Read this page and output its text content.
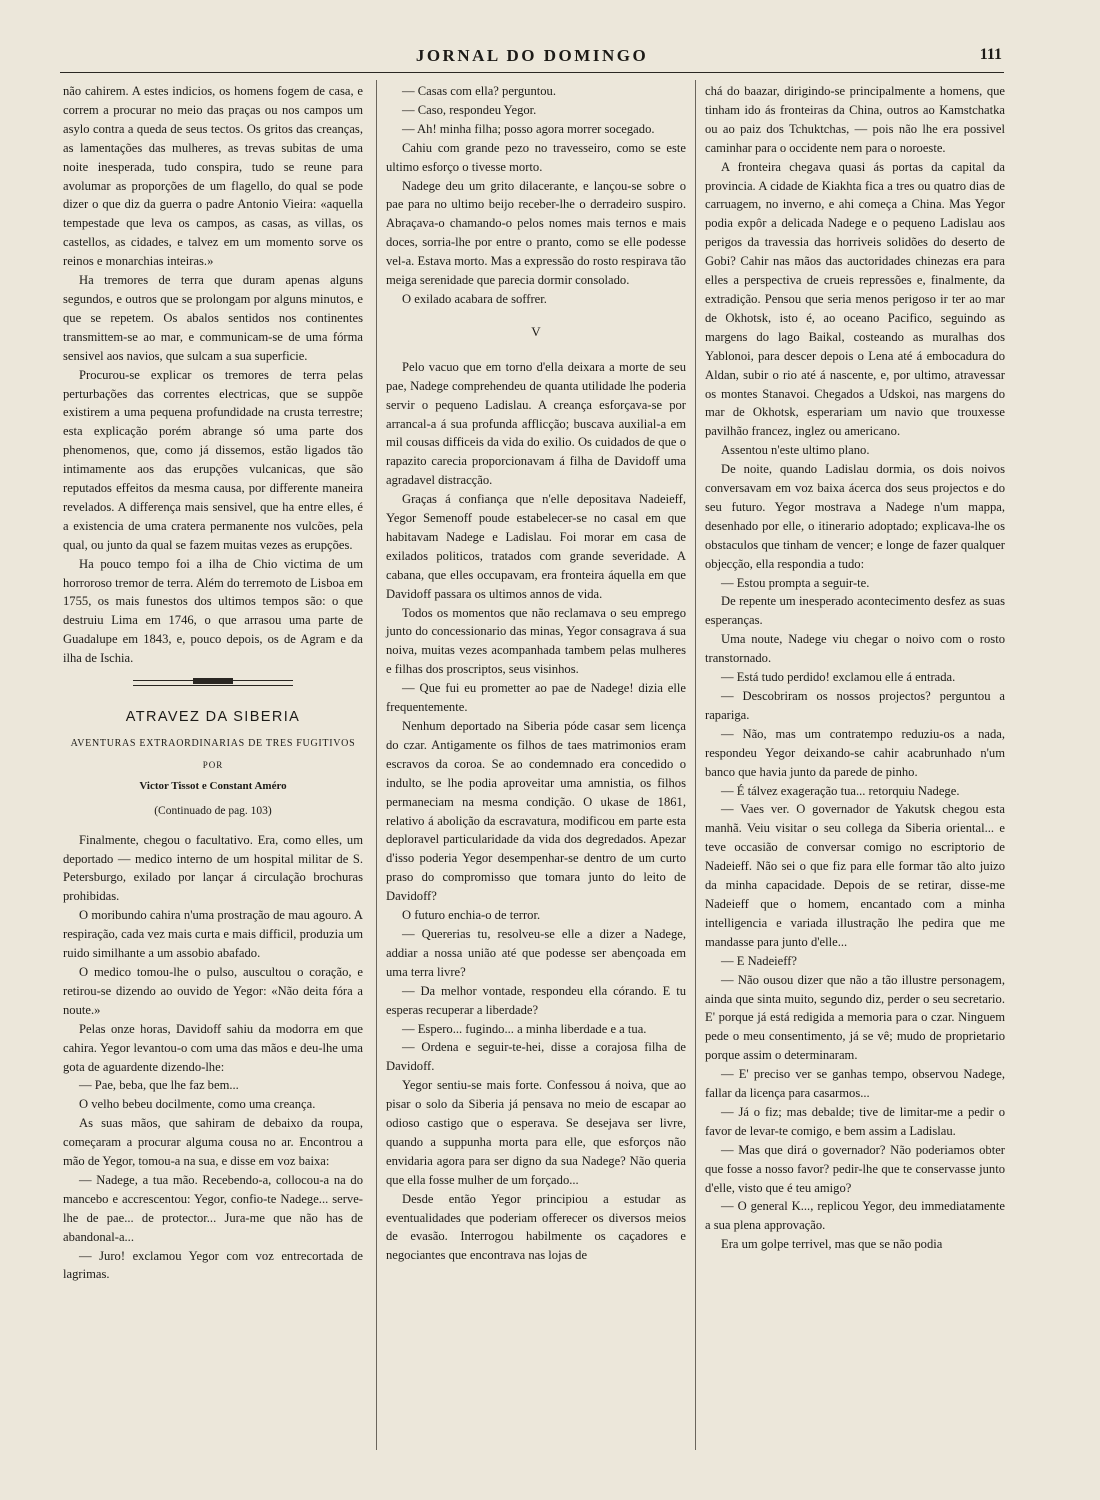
JORNAL DO DOMINGO	111

não cahirem. A estes indicios, os homens fogem de casa, e correm a procurar no meio das praças ou nos campos um asylo contra a queda de seus tectos. Os gritos das creanças, as lamentações das mulheres, as trevas subitas de uma noite inesperada, tudo conspira, tudo se reune para avolumar as proporções de um flagello, do qual se pode dizer o que diz da guerra o padre Antonio Vieira: «aquella tempestade que leva os campos, as casas, as villas, os castellos, as cidades, e talvez em um momento sorve os reinos e monarchias inteiras.»

Ha tremores de terra que duram apenas alguns segundos, e outros que se prolongam por alguns minutos, e que se repetem. Os abalos sentidos nos continentes transmittem-se ao mar, e communicam-se de uma fórma sensivel aos navios, que sulcam a sua superficie.

Procurou-se explicar os tremores de terra pelas perturbações das correntes electricas, que se suppõe existirem a uma pequena profundidade na crusta terrestre; esta explicação porém abrange só uma parte dos phenomenos, que, como já dissemos, estão ligados tão intimamente aos das erupções vulcanicas, que são reputados effeitos da mesma causa, por differente maneira revelados. A differença mais sensivel, que ha entre elles, é a existencia de uma cratera permanente nos vulcões, pela qual, ou junto da qual se fazem muitas vezes as erupções.

Ha pouco tempo foi a ilha de Chio victima de um horroroso tremor de terra. Além do terremoto de Lisboa em 1755, os mais funestos dos ultimos tempos são: o que destruiu Lima em 1746, o que arrasou uma parte de Guadalupe em 1843, e, pouco depois, os de Agram e da ilha de Ischia.

ATRAVEZ DA SIBERIA
AVENTURAS EXTRAORDINARIAS DE TRES FUGITIVOS
POR
Victor Tissot e Constant Améro
(Continuado de pag. 103)

Finalmente, chegou o facultativo. Era, como elles, um deportado — medico interno de um hospital militar de S. Petersburgo, exilado por lançar á circulação brochuras prohibidas.

O moribundo cahira n'uma prostração de mau agouro. A respiração, cada vez mais curta e mais difficil, produzia um ruido similhante a um assobio abafado.

O medico tomou-lhe o pulso, auscultou o coração, e retirou-se dizendo ao ouvido de Yegor: «Não deita fóra a noute.»

Pelas onze horas, Davidoff sahiu da modorra em que cahira. Yegor levantou-o com uma das mãos e deu-lhe uma gota de aguardente dizendo-lhe:

— Pae, beba, que lhe faz bem...

O velho bebeu docilmente, como uma creança.

As suas mãos, que sahiram de debaixo da roupa, começaram a procurar alguma cousa no ar. Encontrou a mão de Yegor, tomou-a na sua, e disse em voz baixa:

— Nadege, a tua mão. Recebendo-a, collocou-a na do mancebo e accrescentou: Yegor, confio-te Nadege... serve-lhe de pae... de protector... Jura-me que não has de abandonal-a...

— Juro! exclamou Yegor com voz entrecortada de lagrimas.

— Casas com ella? perguntou.

— Caso, respondeu Yegor.

— Ah! minha filha; posso agora morrer socegado.

Cahiu com grande pezo no travesseiro, como se este ultimo esforço o tivesse morto.

Nadege deu um grito dilacerante, e lançou-se sobre o pae para no ultimo beijo receber-lhe o derradeiro suspiro. Abraçava-o chamando-o pelos nomes mais ternos e mais doces, sorria-lhe por entre o pranto, como se elle podesse vel-a. Estava morto. Mas a expressão do rosto respirava tão meiga serenidade que parecia dormir consolado.

O exilado acabara de soffrer.

V

Pelo vacuo que em torno d'ella deixara a morte de seu pae, Nadege comprehendeu de quanta utilidade lhe poderia servir o pequeno Ladislau. A creança esforçava-se por arrancal-a á sua profunda afflicção; buscava auxilial-a em mil cousas difficeis da vida do exilio. Os cuidados de que o rapazito carecia proporcionavam á filha de Davidoff uma agradavel distracção.

Graças á confiança que n'elle depositava Nadeieff, Yegor Semenoff poude estabelecer-se no casal em que habitavam Nadege e Ladislau. Foi morar em casa de exilados politicos, tratados com grande severidade. A cabana, que elles occupavam, era fronteira áquella em que Davidoff passara os ultimos annos de vida.

Todos os momentos que não reclamava o seu emprego junto do concessionario das minas, Yegor consagrava á sua noiva, muitas vezes acompanhada tambem pelas mulheres e filhas dos proscriptos, seus visinhos.

— Que fui eu prometter ao pae de Nadege! dizia elle frequentemente.

Nenhum deportado na Siberia póde casar sem licença do czar. Antigamente os filhos de taes matrimonios eram escravos da coroa. Se ao condemnado era concedido o indulto, se lhe podia aproveitar uma amnistia, os filhos permaneciam na mesma condição. O ukase de 1861, relativo á abolição da escravatura, modificou em parte esta deploravel particularidade da vida dos degredados. Apezar d'isso poderia Yegor desempenhar-se dentro de um curto praso do compromisso que tomara junto do leito de Davidoff?

O futuro enchia-o de terror.

— Quererias tu, resolveu-se elle a dizer a Nadege, addiar a nossa união até que podesse ser abençoada em uma terra livre?

— Da melhor vontade, respondeu ella córando. E tu esperas recuperar a liberdade?

— Espero... fugindo... a minha liberdade e a tua.

— Ordena e seguir-te-hei, disse a corajosa filha de Davidoff.

Yegor sentiu-se mais forte. Confessou á noiva, que ao pisar o solo da Siberia já pensava no meio de escapar ao odioso castigo que o esperava. Se desejava ser livre, quando a suppunha morta para elle, que esforços não envidaria agora para ser digno da sua Nadege? Não queria que ella fosse mulher de um forçado...

Desde então Yegor principiou a estudar as eventualidades que poderiam offerecer os diversos meios de evasão. Interrogou habilmente os caçadores e negociantes que encontrava nas lojas de

chá do baazar, dirigindo-se principalmente a homens, que tinham ido ás fronteiras da China, outros ao Kamstchatka ou ao paiz dos Tchuktchas, — pois não lhe era possivel caminhar para o occidente nem para o noroeste.

A fronteira chegava quasi ás portas da capital da provincia. A cidade de Kiakhta fica a tres ou quatro dias de carruagem, no inverno, e ahi começa a China. Mas Yegor podia expôr a delicada Nadege e o pequeno Ladislau aos perigos da travessia das horriveis solidões do deserto de Gobi? Cahir nas mãos das auctoridades chinezas era para elles a perspectiva de crueis repressões e, finalmente, da extradição. Pensou que seria menos perigoso ir ter ao mar de Okhotsk, isto é, ao oceano Pacifico, seguindo as margens do lago Baikal, costeando as muralhas dos Yablonoi, para descer depois o Lena até á embocadura do Aldan, subir o rio até á nascente, e, por ultimo, atravessar os montes Stanavoi. Chegados a Udskoi, nas margens do mar de Okhotsk, esperariam um navio que trouxesse pavilhão francez, inglez ou americano.

Assentou n'este ultimo plano.

De noite, quando Ladislau dormia, os dois noivos conversavam em voz baixa ácerca dos seus projectos e do seu futuro. Yegor mostrava a Nadege n'um mappa, desenhado por elle, o itinerario adoptado; explicava-lhe os obstaculos que tinham de vencer; e longe de fazer qualquer objecção, ella respondia a tudo:

— Estou prompta a seguir-te.

De repente um inesperado acontecimento desfez as suas esperanças.

Uma noute, Nadege viu chegar o noivo com o rosto transtornado.

— Está tudo perdido! exclamou elle á entrada.

— Descobriram os nossos projectos? perguntou a rapariga.

— Não, mas um contratempo reduziu-os a nada, respondeu Yegor deixando-se cahir acabrunhado n'um banco que havia junto da parede de pinho.

— É tálvez exageração tua... retorquiu Nadege.

— Vaes ver. O governador de Yakutsk chegou esta manhã. Veiu visitar o seu collega da Siberia oriental... e teve occasião de conversar comigo no escriptorio de Nadeieff. Não sei o que fiz para elle formar tão alto juizo da minha capacidade. Depois de se retirar, disse-me Nadeieff que o homem, encantado com a minha intelligencia e variada illustração lhe pedira que me mandasse para junto d'elle...

— E Nadeieff?

— Não ousou dizer que não a tão illustre personagem, ainda que sinta muito, segundo diz, perder o seu secretario. E' porque já está redigida a memoria para o czar. Ninguem pede o meu consentimento, já se vê; mudo de proprietario porque assim o determinaram.

— E' preciso ver se ganhas tempo, observou Nadege, fallar da licença para casarmos...

— Já o fiz; mas debalde; tive de limitar-me a pedir o favor de levar-te comigo, e bem assim a Ladislau.

— Mas que dirá o governador? Não poderiamos obter que fosse a nosso favor? pedir-lhe que te conservasse junto d'elle, visto que é teu amigo?

— O general K..., replicou Yegor, deu immediatamente a sua plena approvação.

Era um golpe terrivel, mas que se não podia
